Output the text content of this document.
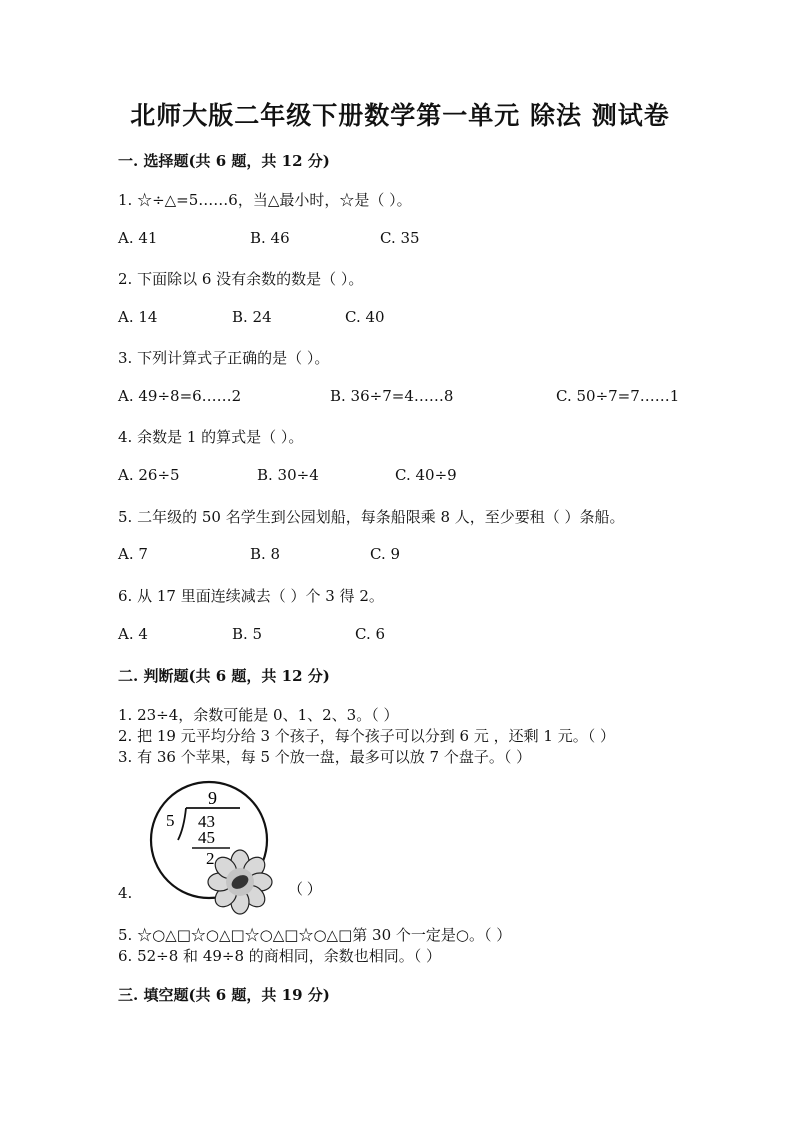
北师大版二年级下册数学第一单元 除法 测试卷
一. 选择题(共 6 题，共 12 分)
1. ☆÷△=5……6，当△最小时，☆是（ ）。
A. 41	B. 46	C. 35
2. 下面除以 6 没有余数的数是（ ）。
A. 14	B. 24	C. 40
3. 下列计算式子正确的是（ ）。
A. 49÷8=6……2	B. 36÷7=4……8	C. 50÷7=7……1
4. 余数是 1 的算式是（ ）。
A. 26÷5	B. 30÷4	C. 40÷9
5. 二年级的 50 名学生到公园划船，每条船限乘 8 人，至少要租（ ）条船。
A. 7	B. 8	C. 9
6. 从 17 里面连续减去（ ）个 3 得 2。
A. 4	B. 5	C. 6
二. 判断题(共 6 题，共 12 分)
1. 23÷4，余数可能是 0、1、2、3。（ ）
2. 把 19 元平均分给 3 个孩子，每个孩子可以分到 6 元 ，还剩 1 元。（ ）
3. 有 36 个苹果，每 5 个放一盘，最多可以放 7 个盘子。（ ）
4.
9
5 43
45
2
（ ）
5. ☆○△□☆○△□☆○△□☆○△□第 30 个一定是○。（ ）
6. 52÷8 和 49÷8 的商相同，余数也相同。（ ）
三. 填空题(共 6 题，共 19 分)
